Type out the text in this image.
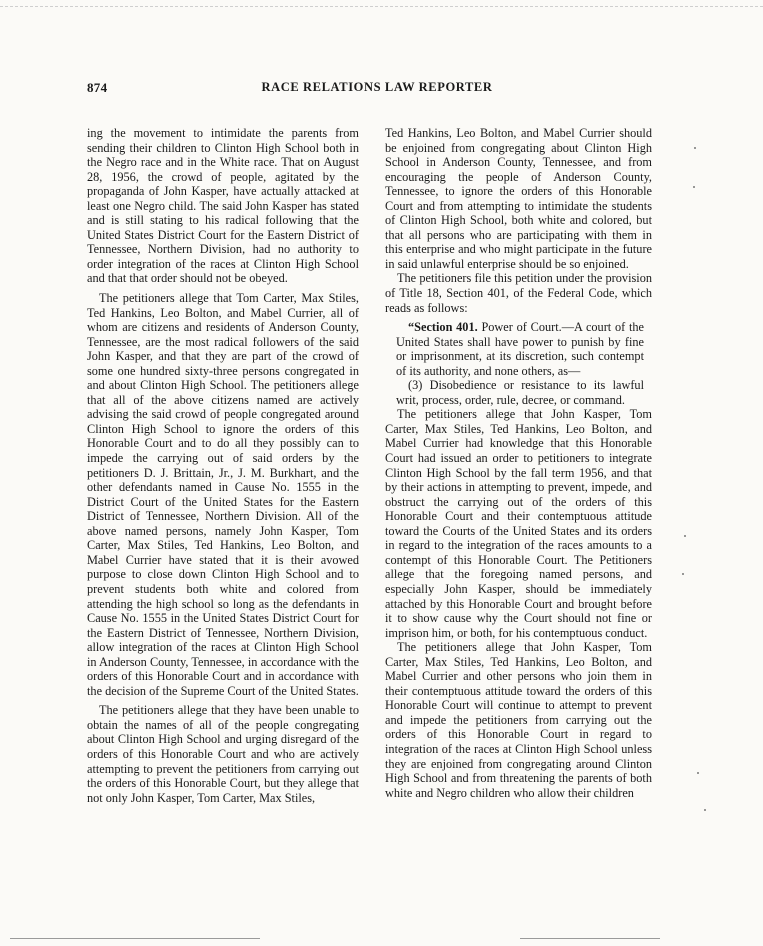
874	RACE RELATIONS LAW REPORTER

ing the movement to intimidate the parents from sending their children to Clinton High School both in the Negro race and in the White race. That on August 28, 1956, the crowd of people, agitated by the propaganda of John Kasper, have actually attacked at least one Negro child. The said John Kasper has stated and is still stating to his radical following that the United States District Court for the Eastern District of Tennessee, Northern Division, had no authority to order integration of the races at Clinton High School and that that order should not be obeyed.

The petitioners allege that Tom Carter, Max Stiles, Ted Hankins, Leo Bolton, and Mabel Currier, all of whom are citizens and residents of Anderson County, Tennessee, are the most radical followers of the said John Kasper, and that they are part of the crowd of some one hundred sixty-three persons congregated in and about Clinton High School. The petitioners allege that all of the above citizens named are actively advising the said crowd of people congregated around Clinton High School to ignore the orders of this Honorable Court and to do all they possibly can to impede the carrying out of said orders by the petitioners D. J. Brittain, Jr., J. M. Burkhart, and the other defendants named in Cause No. 1555 in the District Court of the United States for the Eastern District of Tennessee, Northern Division. All of the above named persons, namely John Kasper, Tom Carter, Max Stiles, Ted Hankins, Leo Bolton, and Mabel Currier have stated that it is their avowed purpose to close down Clinton High School and to prevent students both white and colored from attending the high school so long as the defendants in Cause No. 1555 in the United States District Court for the Eastern District of Tennessee, Northern Division, allow integration of the races at Clinton High School in Anderson County, Tennessee, in accordance with the orders of this Honorable Court and in accordance with the decision of the Supreme Court of the United States.

The petitioners allege that they have been unable to obtain the names of all of the people congregating about Clinton High School and urging disregard of the orders of this Honorable Court and who are actively attempting to prevent the petitioners from carrying out the orders of this Honorable Court, but they allege that not only John Kasper, Tom Carter, Max Stiles,

Ted Hankins, Leo Bolton, and Mabel Currier should be enjoined from congregating about Clinton High School in Anderson County, Tennessee, and from encouraging the people of Anderson County, Tennessee, to ignore the orders of this Honorable Court and from attempting to intimidate the students of Clinton High School, both white and colored, but that all persons who are participating with them in this enterprise and who might participate in the future in said unlawful enterprise should be so enjoined.

The petitioners file this petition under the provision of Title 18, Section 401, of the Federal Code, which reads as follows:

“Section 401. Power of Court.—A court of the United States shall have power to punish by fine or imprisonment, at its discretion, such contempt of its authority, and none others, as—

(3) Disobedience or resistance to its lawful writ, process, order, rule, decree, or command.

The petitioners allege that John Kasper, Tom Carter, Max Stiles, Ted Hankins, Leo Bolton, and Mabel Currier had knowledge that this Honorable Court had issued an order to petitioners to integrate Clinton High School by the fall term 1956, and that by their actions in attempting to prevent, impede, and obstruct the carrying out of the orders of this Honorable Court and their contemptuous attitude toward the Courts of the United States and its orders in regard to the integration of the races amounts to a contempt of this Honorable Court. The Petitioners allege that the foregoing named persons, and especially John Kasper, should be immediately attached by this Honorable Court and brought before it to show cause why the Court should not fine or imprison him, or both, for his contemptuous conduct.

The petitioners allege that John Kasper, Tom Carter, Max Stiles, Ted Hankins, Leo Bolton, and Mabel Currier and other persons who join them in their contemptuous attitude toward the orders of this Honorable Court will continue to attempt to prevent and impede the petitioners from carrying out the orders of this Honorable Court in regard to integration of the races at Clinton High School unless they are enjoined from congregating around Clinton High School and from threatening the parents of both white and Negro children who allow their children
